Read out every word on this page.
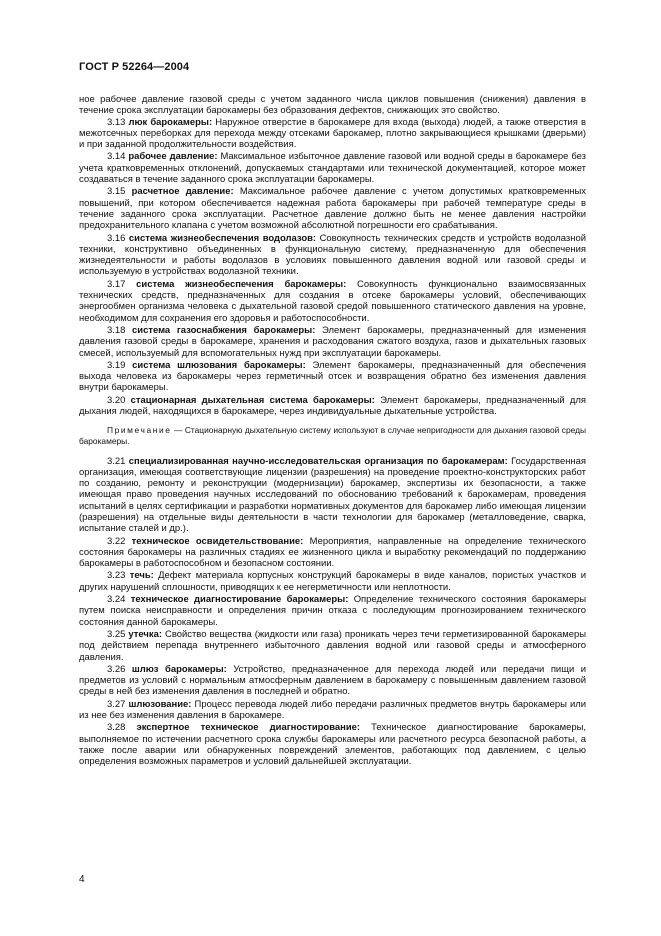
ГОСТ Р 52264—2004

ное рабочее давление газовой среды с учетом заданного числа циклов повышения (снижения) давления в течение срока эксплуатации барокамеры без образования дефектов, снижающих это свойство.

3.13 люк барокамеры: Наружное отверстие в барокамере для входа (выхода) людей, а также отверстия в межотсечных переборках для перехода между отсеками барокамер, плотно закрывающиеся крышками (дверьми) и при заданной продолжительности воздействия.

3.14 рабочее давление: Максимальное избыточное давление газовой или водной среды в барокамере без учета кратковременных отклонений, допускаемых стандартами или технической документацией, которое может создаваться в течение заданного срока эксплуатации барокамеры.

3.15 расчетное давление: Максимальное рабочее давление с учетом допустимых кратковременных повышений, при котором обеспечивается надежная работа барокамеры при рабочей температуре среды в течение заданного срока эксплуатации. Расчетное давление должно быть не менее давления настройки предохранительного клапана с учетом возможной абсолютной погрешности его срабатывания.

3.16 система жизнеобеспечения водолазов: Совокупность технических средств и устройств водолазной техники, конструктивно объединенных в функциональную систему, предназначенную для обеспечения жизнедеятельности и работы водолазов в условиях повышенного давления водной или газовой среды и используемую в устройствах водолазной техники.

3.17 система жизнеобеспечения барокамеры: Совокупность функционально взаимосвязанных технических средств, предназначенных для создания в отсеке барокамеры условий, обеспечивающих энергообмен организма человека с дыхательной газовой средой повышенного статического давления на уровне, необходимом для сохранения его здоровья и работоспособности.

3.18 система газоснабжения барокамеры: Элемент барокамеры, предназначенный для изменения давления газовой среды в барокамере, хранения и расходования сжатого воздуха, газов и дыхательных газовых смесей, используемый для вспомогательных нужд при эксплуатации барокамеры.

3.19 система шлюзования барокамеры: Элемент барокамеры, предназначенный для обеспечения выхода человека из барокамеры через герметичный отсек и возвращения обратно без изменения давления внутри барокамеры.

3.20 стационарная дыхательная система барокамеры: Элемент барокамеры, предназначенный для дыхания людей, находящихся в барокамере, через индивидуальные дыхательные устройства.

Примечание — Стационарную дыхательную систему используют в случае непригодности для дыхания газовой среды барокамеры.

3.21 специализированная научно-исследовательская организация по барокамерам: Государственная организация, имеющая соответствующие лицензии (разрешения) на проведение проектно-конструкторских работ по созданию, ремонту и реконструкции (модернизации) барокамер, экспертизы их безопасности, а также имеющая право проведения научных исследований по обоснованию требований к барокамерам, проведения испытаний в целях сертификации и разработки нормативных документов для барокамер либо имеющая лицензии (разрешения) на отдельные виды деятельности в части технологии для барокамер (металловедение, сварка, испытание сталей и др.).

3.22 техническое освидетельствование: Мероприятия, направленные на определение технического состояния барокамеры на различных стадиях ее жизненного цикла и выработку рекомендаций по поддержанию барокамеры в работоспособном и безопасном состоянии.

3.23 течь: Дефект материала корпусных конструкций барокамеры в виде каналов, пористых участков и других нарушений сплошности, приводящих к ее негерметичности или неплотности.

3.24 техническое диагностирование барокамеры: Определение технического состояния барокамеры путем поиска неисправности и определения причин отказа с последующим прогнозированием технического состояния данной барокамеры.

3.25 утечка: Свойство вещества (жидкости или газа) проникать через течи герметизированной барокамеры под действием перепада внутреннего избыточного давления водной или газовой среды и атмосферного давления.

3.26 шлюз барокамеры: Устройство, предназначенное для перехода людей или передачи пищи и предметов из условий с нормальным атмосферным давлением в барокамеру с повышенным давлением газовой среды в ней без изменения давления в последней и обратно.

3.27 шлюзование: Процесс перевода людей либо передачи различных предметов внутрь барокамеры или из нее без изменения давления в барокамере.

3.28 экспертное техническое диагностирование: Техническое диагностирование барокамеры, выполняемое по истечении расчетного срока службы барокамеры или расчетного ресурса безопасной работы, а также после аварии или обнаруженных повреждений элементов, работающих под давлением, с целью определения возможных параметров и условий дальнейшей эксплуатации.

4
